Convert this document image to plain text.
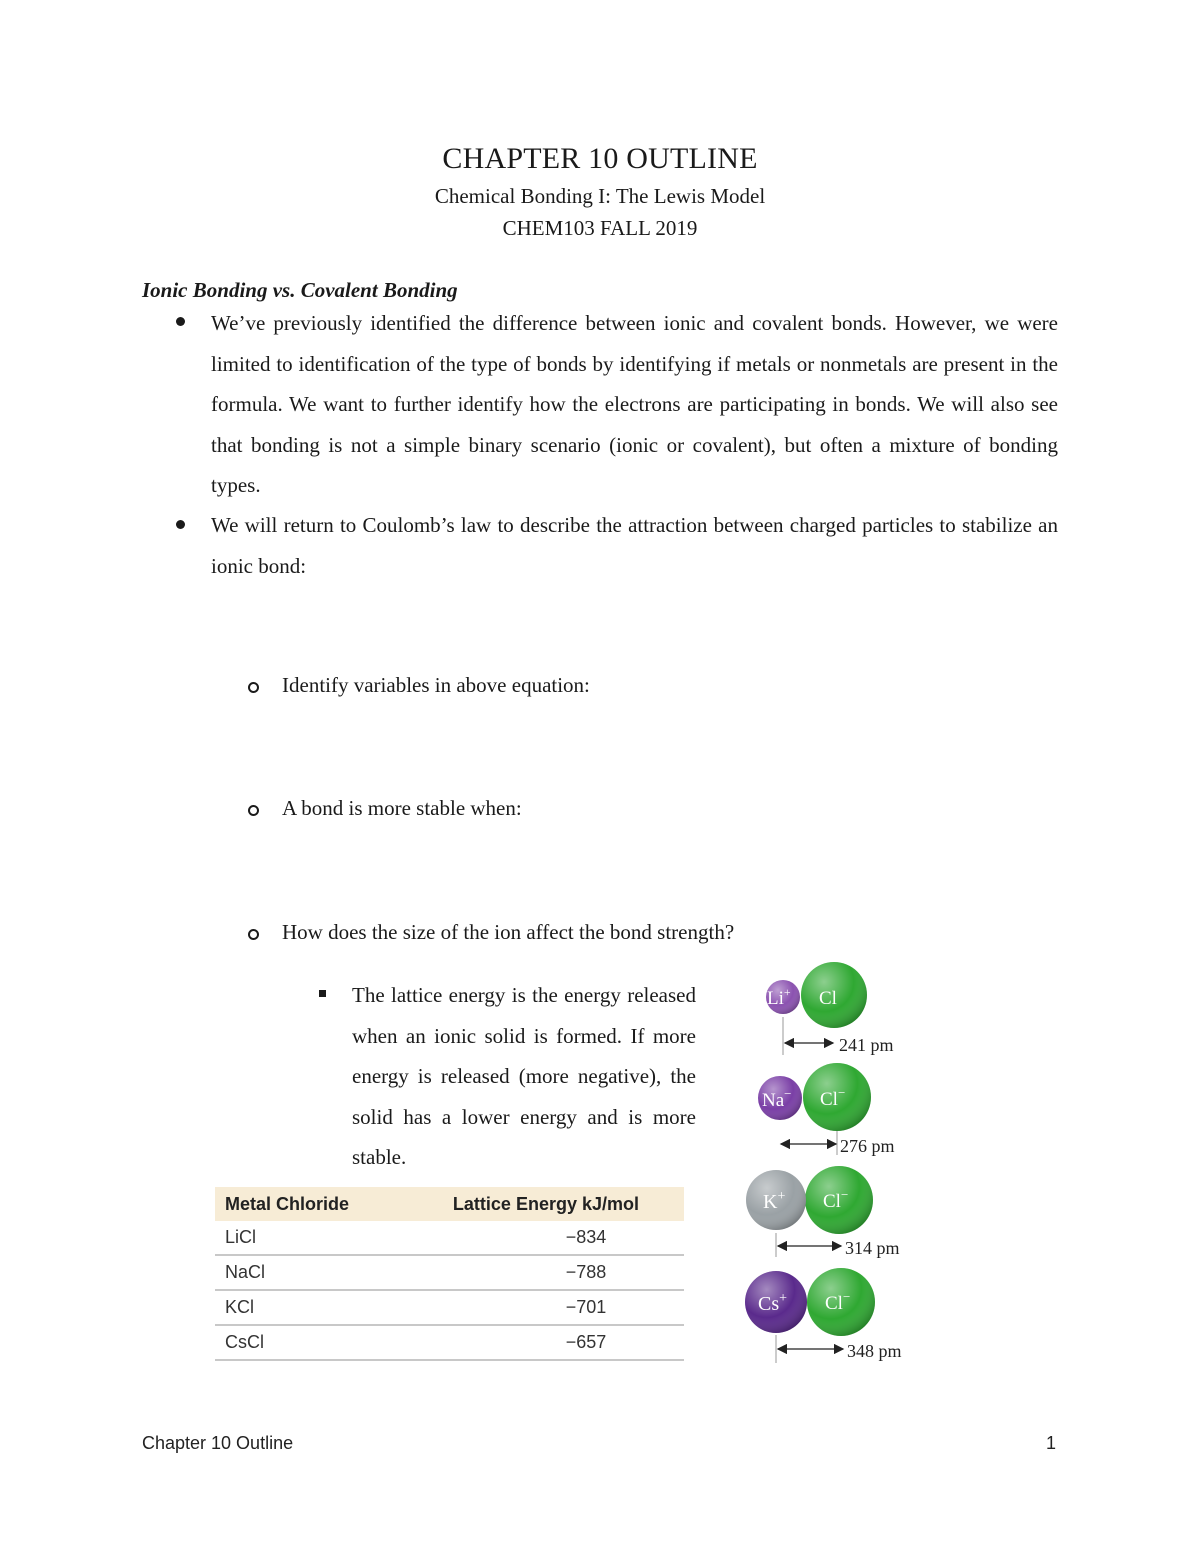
CHAPTER 10 OUTLINE
Chemical Bonding I: The Lewis Model
CHEM103 FALL 2019
Ionic Bonding vs. Covalent Bonding
We’ve previously identified the difference between ionic and covalent bonds. However, we were limited to identification of the type of bonds by identifying if metals or nonmetals are present in the formula. We want to further identify how the electrons are participating in bonds. We will also see that bonding is not a simple binary scenario (ionic or covalent), but often a mixture of bonding types.
We will return to Coulomb’s law to describe the attraction between charged particles to stabilize an ionic bond:
Identify variables in above equation:
A bond is more stable when:
How does the size of the ion affect the bond strength?
The lattice energy is the energy released when an ionic solid is formed. If more energy is released (more negative), the solid has a lower energy and is more stable.
Metal Chloride	Lattice Energy kJ/mol
LiCl	−834
NaCl	−788
KCl	−701
CsCl	−657
Li+ Cl
241 pm
Na− Cl−
276 pm
K+ Cl−
314 pm
Cs+ Cl−
348 pm
Chapter 10 Outline	1
